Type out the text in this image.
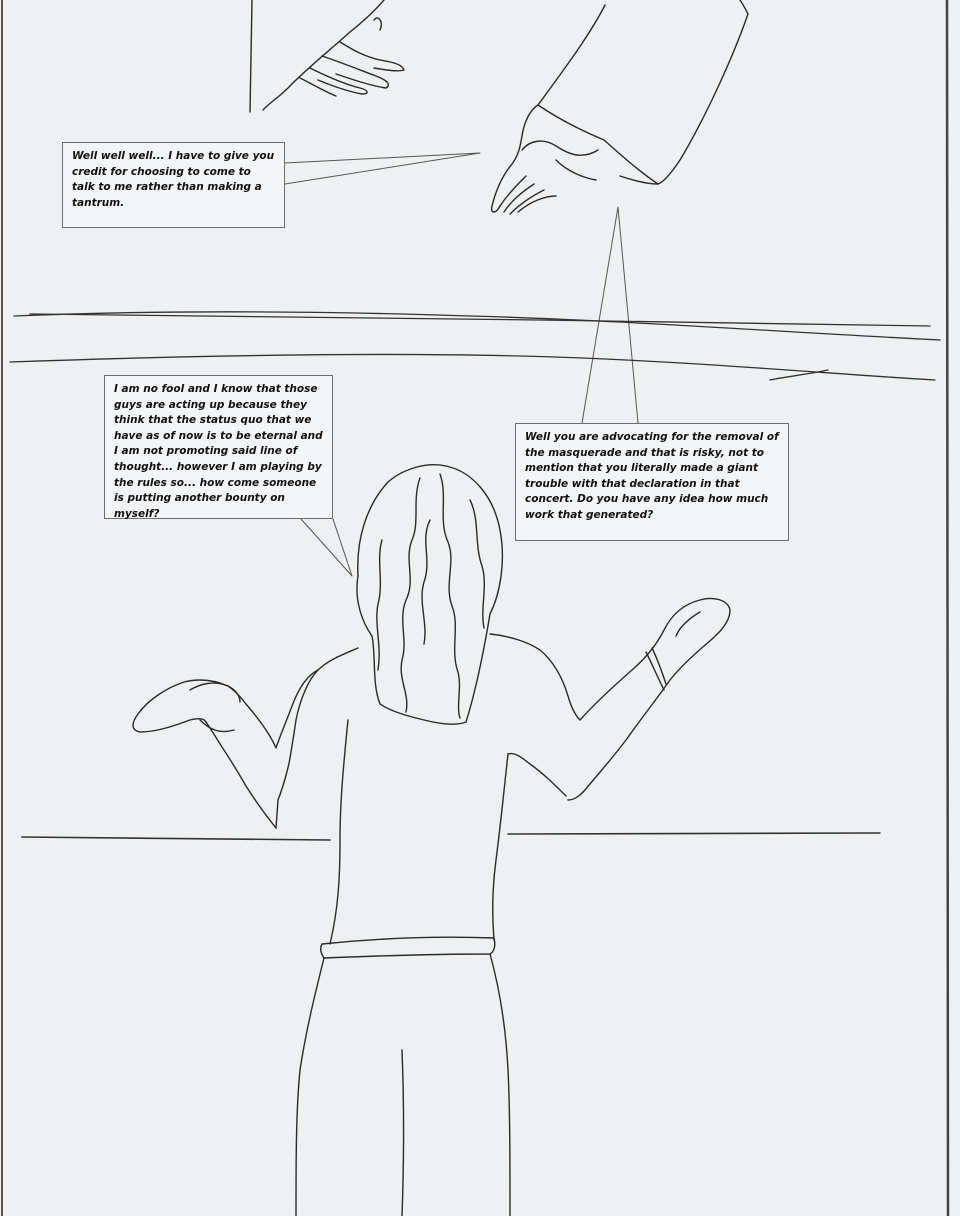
Well well well... I have to give you credit for choosing to come to talk to me rather than making a tantrum.
I am no fool and I know that those guys are acting up because they think that the status quo that we have as of now is to be eternal and I am not promoting said line of thought... however I am playing by the rules so... how come someone is putting another bounty on myself?
Well you are advocating for the removal of the masquerade and that is risky, not to mention that you literally made a giant trouble with that declaration in that concert. Do you have any idea how much work that generated?
